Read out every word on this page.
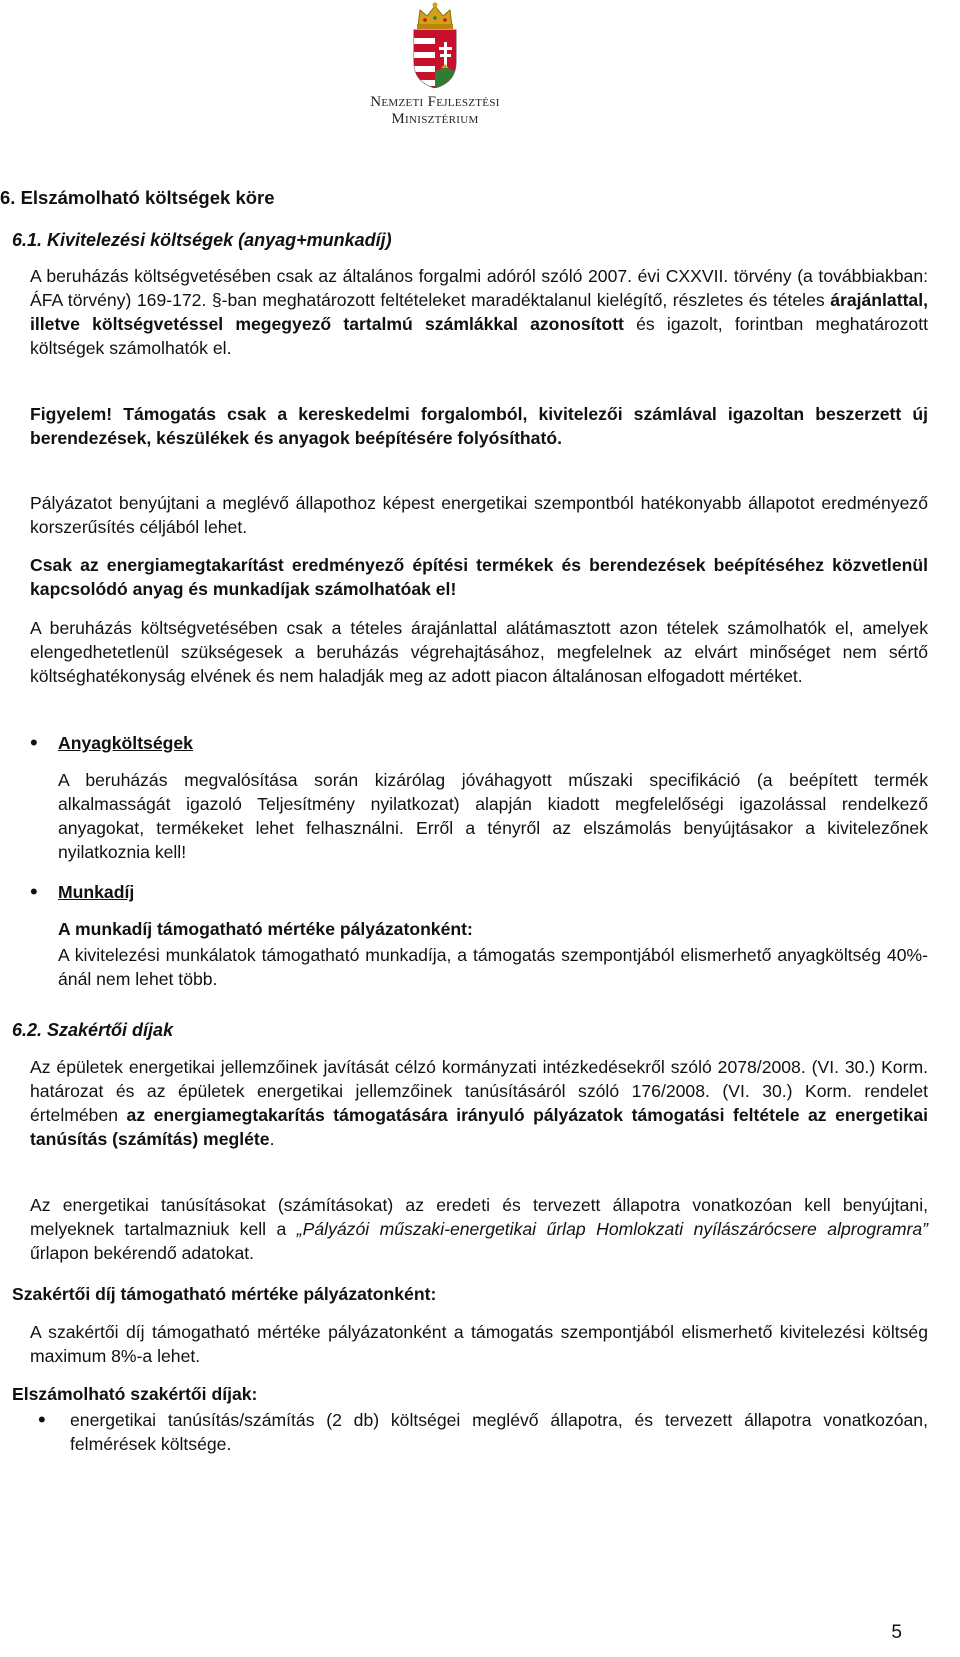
Nemzeti Fejlesztési
Minisztérium
6. Elszámolható költségek köre
6.1. Kivitelezési költségek (anyag+munkadíj)

A beruházás költségvetésében csak az általános forgalmi adóról szóló 2007. évi CXXVII. törvény (a továbbiakban: ÁFA törvény) 169-172. §-ban meghatározott feltételeket maradéktalanul kielégítő, részletes és tételes árajánlattal, illetve költségvetéssel megegyező tartalmú számlákkal azonosított és igazolt, forintban meghatározott költségek számolhatók el.

Figyelem! Támogatás csak a kereskedelmi forgalomból, kivitelezői számlával igazoltan beszerzett új berendezések, készülékek és anyagok beépítésére folyósítható.

Pályázatot benyújtani a meglévő állapothoz képest energetikai szempontból hatékonyabb állapotot eredményező korszerűsítés céljából lehet.

Csak az energiamegtakarítást eredményező építési termékek és berendezések beépítéséhez közvetlenül kapcsolódó anyag és munkadíjak számolhatóak el!

A beruházás költségvetésében csak a tételes árajánlattal alátámasztott azon tételek számolhatók el, amelyek elengedhetetlenül szükségesek a beruházás végrehajtásához, megfelelnek az elvárt minőséget nem sértő költséghatékonyság elvének és nem haladják meg az adott piacon általánosan elfogadott mértéket.

• Anyagköltségek

A beruházás megvalósítása során kizárólag jóváhagyott műszaki specifikáció (a beépített termék alkalmasságát igazoló Teljesítmény nyilatkozat) alapján kiadott megfelelőségi igazolással rendelkező anyagokat, termékeket lehet felhasználni. Erről a tényről az elszámolás benyújtásakor a kivitelezőnek nyilatkoznia kell!

• Munkadíj

A munkadíj támogatható mértéke pályázatonként:

A kivitelezési munkálatok támogatható munkadíja, a támogatás szempontjából elismerhető anyagköltség 40%-ánál nem lehet több.

6.2. Szakértői díjak

Az épületek energetikai jellemzőinek javítását célzó kormányzati intézkedésekről szóló 2078/2008. (VI. 30.) Korm. határozat és az épületek energetikai jellemzőinek tanúsításáról szóló 176/2008. (VI. 30.) Korm. rendelet értelmében az energiamegtakarítás támogatására irányuló pályázatok támogatási feltétele az energetikai tanúsítás (számítás) megléte.

Az energetikai tanúsításokat (számításokat) az eredeti és tervezett állapotra vonatkozóan kell benyújtani, melyeknek tartalmazniuk kell a „Pályázói műszaki-energetikai űrlap Homlokzati nyílászárócsere alprogramra” űrlapon bekérendő adatokat.

Szakértői díj támogatható mértéke pályázatonként:

A szakértői díj támogatható mértéke pályázatonként a támogatás szempontjából elismerhető kivitelezési költség maximum 8%-a lehet.

Elszámolható szakértői díjak:

• energetikai tanúsítás/számítás (2 db) költségei meglévő állapotra, és tervezett állapotra vonatkozóan, felmérések költsége.

5
